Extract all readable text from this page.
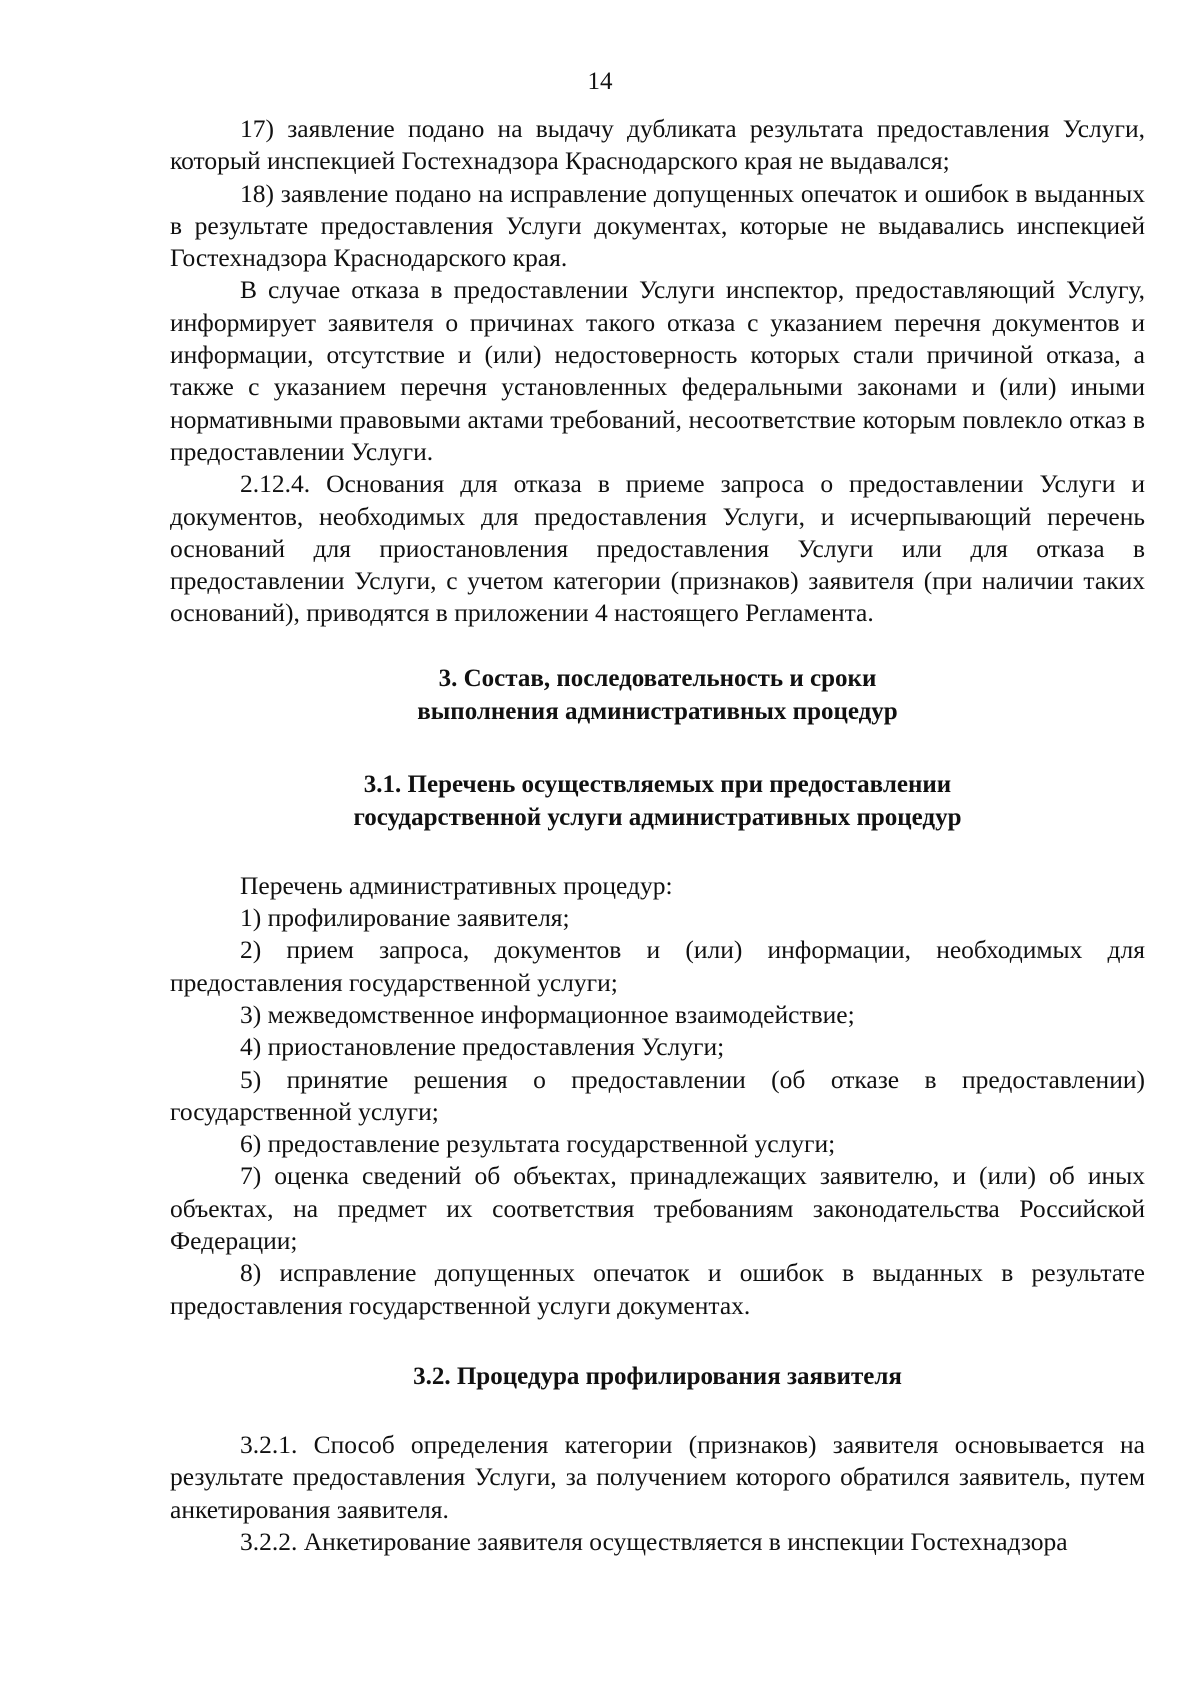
14

17) заявление подано на выдачу дубликата результата предоставления Услуги, который инспекцией Гостехнадзора Краснодарского края не выдавался;

18) заявление подано на исправление допущенных опечаток и ошибок в выданных в результате предоставления Услуги документах, которые не выдавались инспекцией Гостехнадзора Краснодарского края.

В случае отказа в предоставлении Услуги инспектор, предоставляющий Услугу, информирует заявителя о причинах такого отказа с указанием перечня документов и информации, отсутствие и (или) недостоверность которых стали причиной отказа, а также с указанием перечня установленных федеральными законами и (или) иными нормативными правовыми актами требований, несоответствие которым повлекло отказ в предоставлении Услуги.

2.12.4. Основания для отказа в приеме запроса о предоставлении Услуги и документов, необходимых для предоставления Услуги, и исчерпывающий перечень оснований для приостановления предоставления Услуги или для отказа в предоставлении Услуги, с учетом категории (признаков) заявителя (при наличии таких оснований), приводятся в приложении 4 настоящего Регламента.

3. Состав, последовательность и сроки
выполнения административных процедур
3.1. Перечень осуществляемых при предоставлении
государственной услуги административных процедур

Перечень административных процедур:

1) профилирование заявителя;

2) прием запроса, документов и (или) информации, необходимых для предоставления государственной услуги;

3) межведомственное информационное взаимодействие;

4) приостановление предоставления Услуги;

5) принятие решения о предоставлении (об отказе в предоставлении) государственной услуги;

6) предоставление результата государственной услуги;

7) оценка сведений об объектах, принадлежащих заявителю, и (или) об иных объектах, на предмет их соответствия требованиям законодательства Российской Федерации;

8) исправление допущенных опечаток и ошибок в выданных в результате предоставления государственной услуги документах.

3.2. Процедура профилирования заявителя

3.2.1. Способ определения категории (признаков) заявителя основывается на результате предоставления Услуги, за получением которого обратился заявитель, путем анкетирования заявителя.

3.2.2. Анкетирование заявителя осуществляется в инспекции Гостехнадзора
